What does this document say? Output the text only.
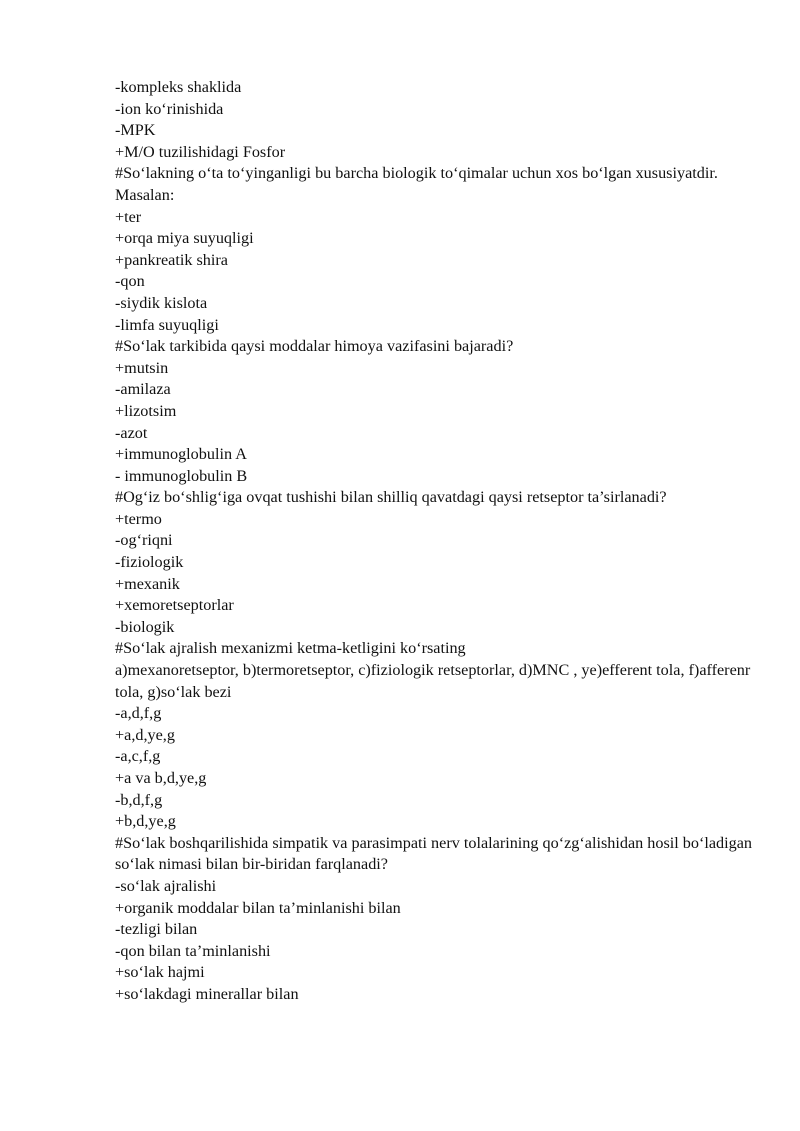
-kompleks shaklida
-ion ko‘rinishida
-MPK
+M/O tuzilishidagi Fosfor
#So‘lakning o‘ta to‘yinganligi bu barcha biologik to‘qimalar uchun xos bo‘lgan xususiyatdir. Masalan:
+ter
+orqa miya suyuqligi
+pankreatik shira
-qon
-siydik kislota
-limfa suyuqligi
#So‘lak tarkibida qaysi moddalar himoya vazifasini bajaradi?
+mutsin
-amilaza
+lizotsim
-azot
+immunoglobulin A
- immunoglobulin B
#Og‘iz bo‘shlig‘iga ovqat tushishi bilan shilliq qavatdagi qaysi retseptor ta’sirlanadi?
+termo
-og‘riqni
-fiziologik
+mexanik
+xemoretseptorlar
-biologik
#So‘lak ajralish mexanizmi ketma-ketligini ko‘rsating
a)mexanoretseptor, b)termoretseptor, c)fiziologik retseptorlar, d)MNC , ye)efferent tola, f)afferenr tola, g)so‘lak bezi
-a,d,f,g
+a,d,ye,g
-a,c,f,g
+a va b,d,ye,g
-b,d,f,g
+b,d,ye,g
#So‘lak boshqarilishida simpatik va parasimpati nerv tolalarining qo‘zg‘alishidan hosil bo‘ladigan so‘lak nimasi bilan bir-biridan farqlanadi?
-so‘lak ajralishi
+organik moddalar bilan ta’minlanishi bilan
-tezligi bilan
-qon bilan ta’minlanishi
+so‘lak hajmi
+so‘lakdagi minerallar bilan
